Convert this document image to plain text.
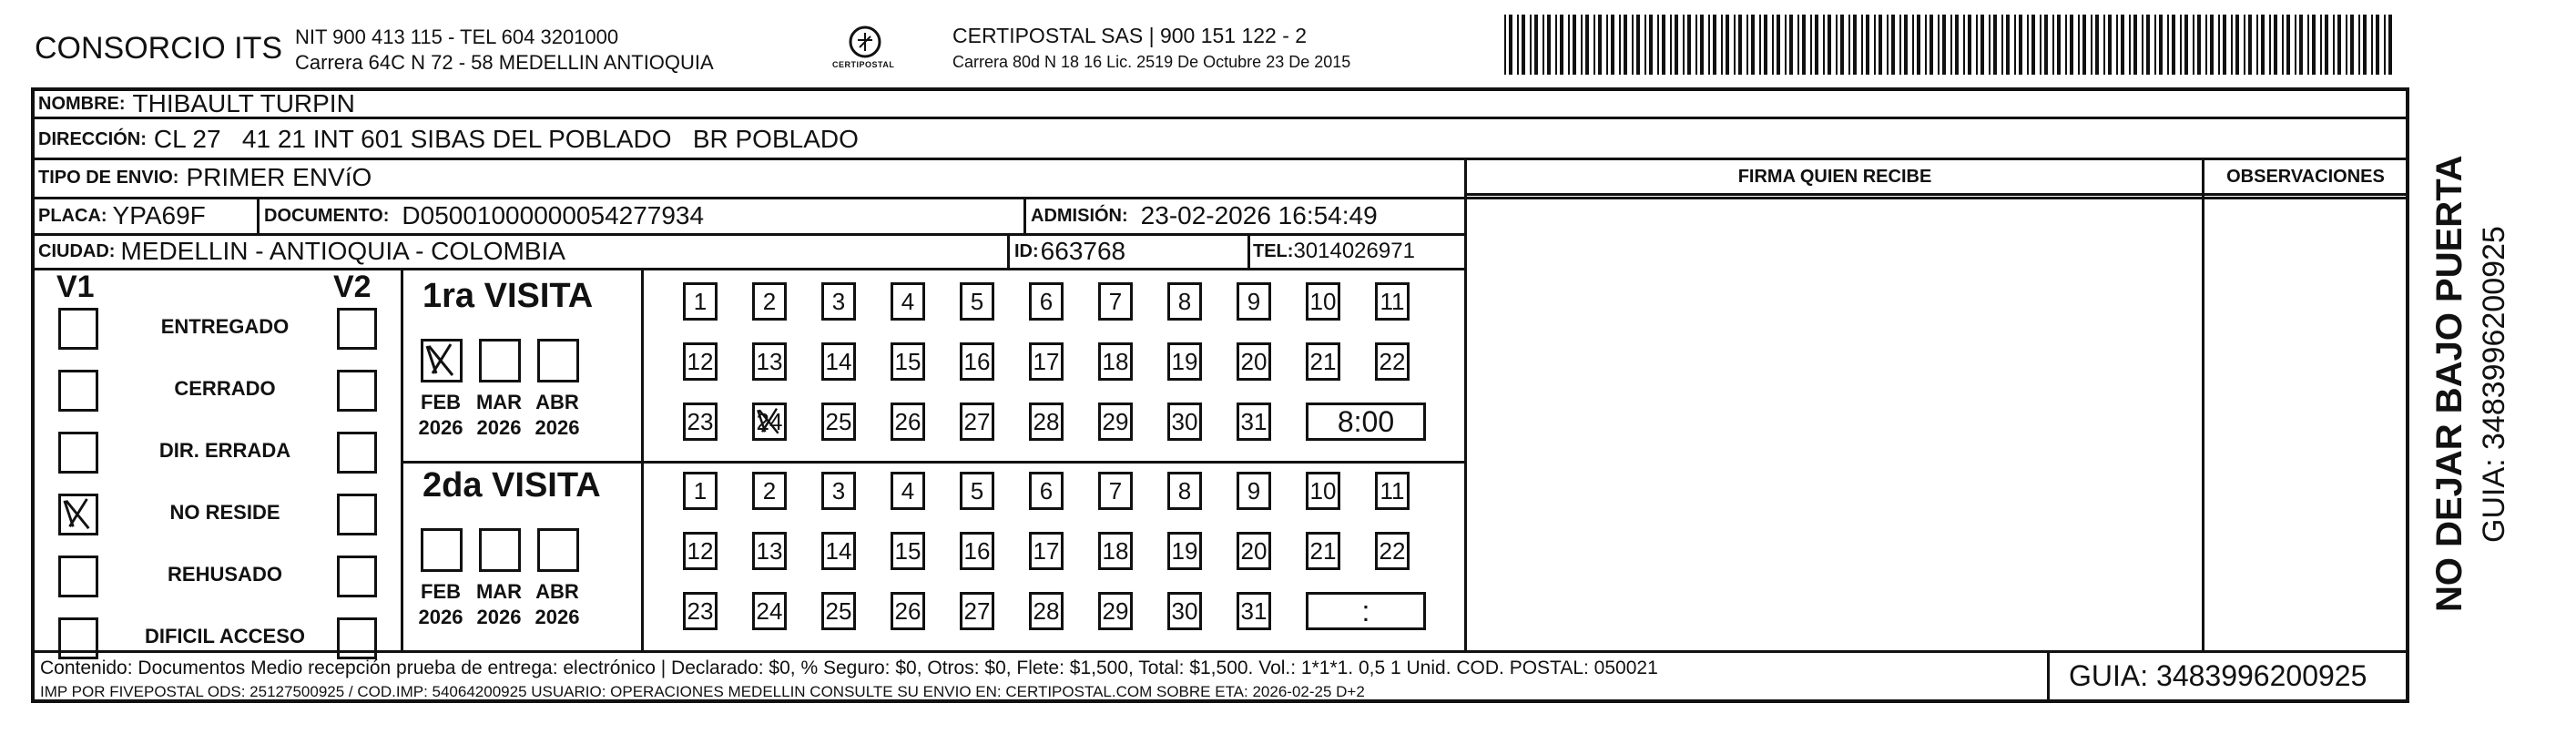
CONSORCIO ITS NIT 900 413 115 - TEL 604 3201000
Carrera 64C N 72 - 58 MEDELLIN ANTIOQUIA	CERTIPOSTAL
CERTIPOSTAL SAS | 900 151 122 - 2
Carrera 80d N 18 16 Lic. 2519 De Octubre 23 De 2015
NOMBRE: THIBAULT TURPIN
DIRECCIÓN: CL 27   41 21 INT 601 SIBAS DEL POBLADO   BR POBLADO
TIPO DE ENVIO: PRIMER ENVíO	FIRMA QUIEN RECIBE	OBSERVACIONES
PLACA: YPA69F	DOCUMENTO: D05001000000054277934	ADMISIÓN: 23-02-2026 16:54:49
CIUDAD: MEDELLIN - ANTIOQUIA - COLOMBIA	ID: 663768	TEL: 3014026971
V1	V2
ENTREGADO
CERRADO
DIR. ERRADA
NO RESIDE
REHUSADO
DIFICIL ACCESO
1ra VISITA
2da VISITA
FEB
2026
MAR
2026
ABR
2026
1	2	3	4	5	6	7	8	9	10 11
12 13 14 15 16 17 18 19 20 21 22
23 24 25 26 27 28 29 30 31	8:00
FEB
2026
MAR
2026
ABR
2026
1	2	3	4	5	6	7	8	9	10 11
12 13 14 15 16 17 18 19 20 21 22
23 24 25 26 27 28 29 30 31	:
Contenido: Documentos Medio recepción prueba de entrega: electrónico | Declarado: $0, % Seguro: $0, Otros: $0, Flete: $1,500, Total: $1,500. Vol.: 1*1*1. 0,5 1 Unid. COD. POSTAL: 050021
IMP POR FIVEPOSTAL ODS: 25127500925 / COD.IMP: 54064200925 USUARIO: OPERACIONES MEDELLIN CONSULTE SU ENVIO EN: CERTIPOSTAL.COM SOBRE ETA: 2026-02-25 D+2	GUIA: 3483996200925
NO DEJAR BAJO PUERTA GUIA: 3483996200925
